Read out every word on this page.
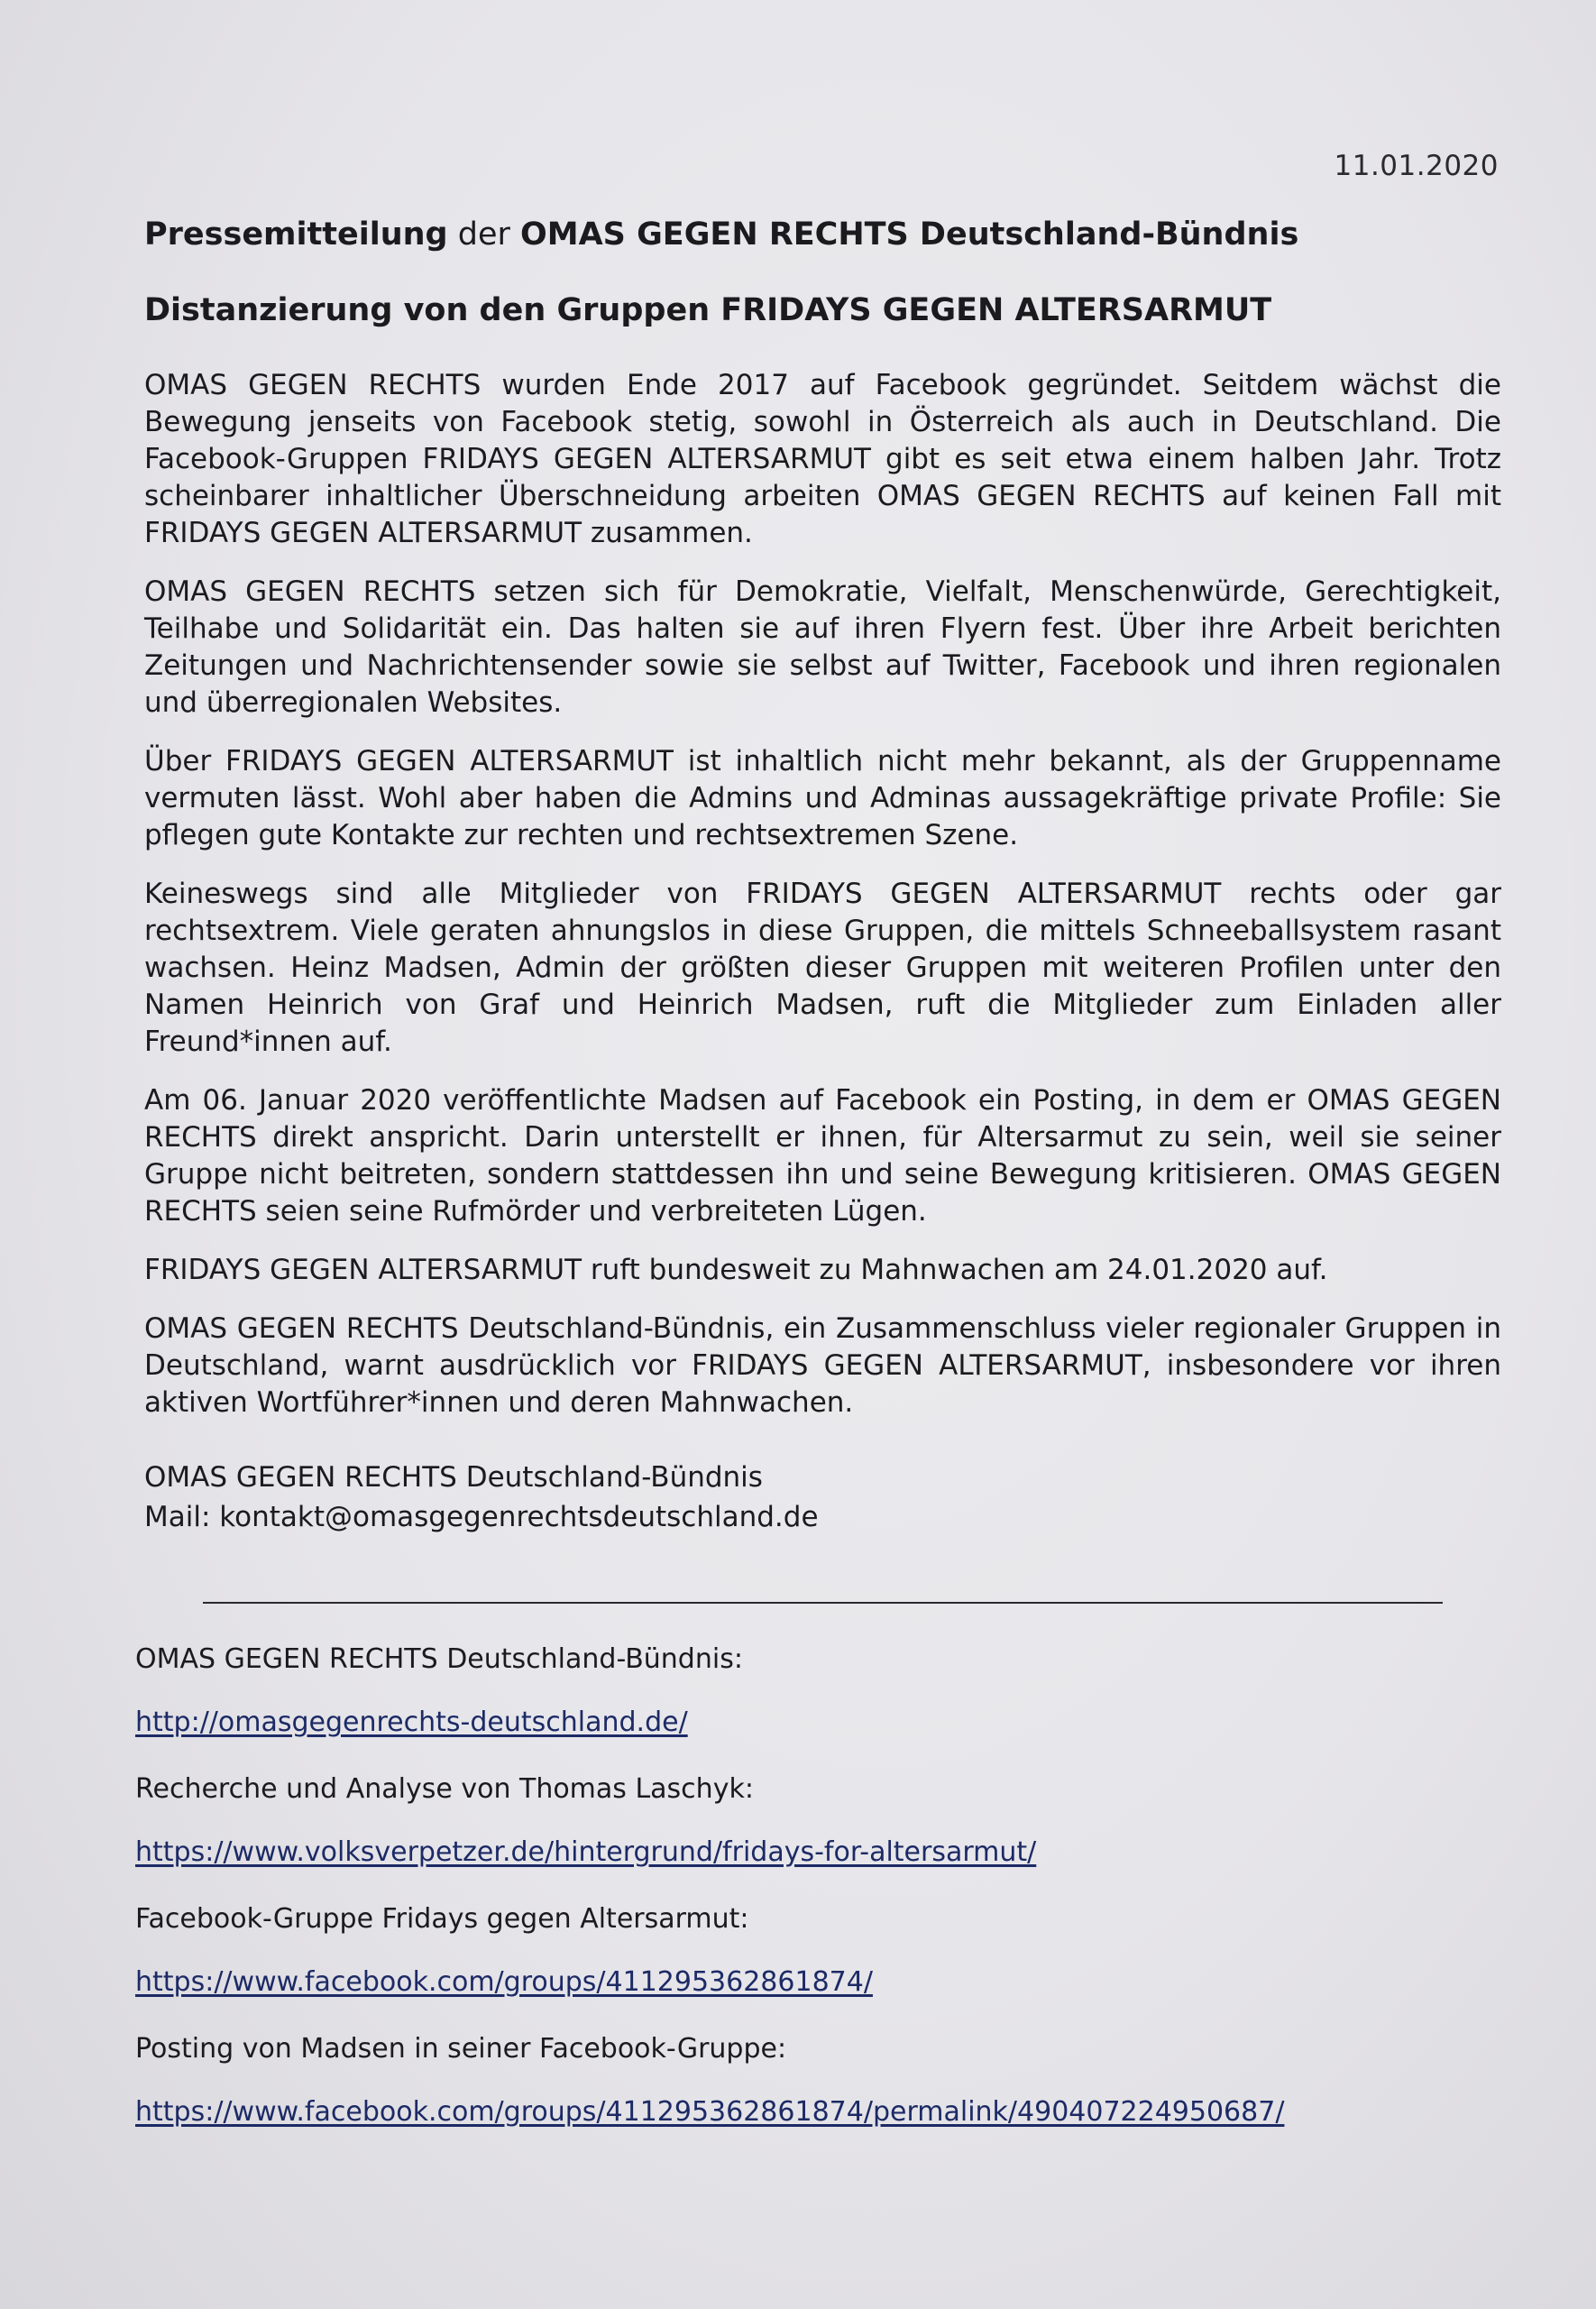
11.01.2020

Pressemitteilung der OMAS GEGEN RECHTS Deutschland-Bündnis

Distanzierung von den Gruppen FRIDAYS GEGEN ALTERSARMUT

OMAS GEGEN RECHTS wurden Ende 2017 auf Facebook gegründet. Seitdem wächst die Bewegung jenseits von Facebook stetig, sowohl in Österreich als auch in Deutschland. Die Facebook-Gruppen FRIDAYS GEGEN ALTERSARMUT gibt es seit etwa einem halben Jahr. Trotz scheinbarer inhaltlicher Überschneidung arbeiten OMAS GEGEN RECHTS auf keinen Fall mit FRIDAYS GEGEN ALTERSARMUT zusammen.

OMAS GEGEN RECHTS setzen sich für Demokratie, Vielfalt, Menschenwürde, Gerechtigkeit, Teilhabe und Solidarität ein. Das halten sie auf ihren Flyern fest. Über ihre Arbeit berichten Zeitungen und Nachrichtensender sowie sie selbst auf Twitter, Facebook und ihren regionalen und überregionalen Websites.

Über FRIDAYS GEGEN ALTERSARMUT ist inhaltlich nicht mehr bekannt, als der Gruppenname vermuten lässt. Wohl aber haben die Admins und Adminas aussagekräftige private Profile: Sie pflegen gute Kontakte zur rechten und rechtsextremen Szene.

Keineswegs sind alle Mitglieder von FRIDAYS GEGEN ALTERSARMUT rechts oder gar rechtsextrem. Viele geraten ahnungslos in diese Gruppen, die mittels Schneeballsystem rasant wachsen. Heinz Madsen, Admin der größten dieser Gruppen mit weiteren Profilen unter den Namen Heinrich von Graf und Heinrich Madsen, ruft die Mitglieder zum Einladen aller Freund*innen auf.

Am 06. Januar 2020 veröffentlichte Madsen auf Facebook ein Posting, in dem er OMAS GEGEN RECHTS direkt anspricht. Darin unterstellt er ihnen, für Altersarmut zu sein, weil sie seiner Gruppe nicht beitreten, sondern stattdessen ihn und seine Bewegung kritisieren. OMAS GEGEN RECHTS seien seine Rufmörder und verbreiteten Lügen.

FRIDAYS GEGEN ALTERSARMUT ruft bundesweit zu Mahnwachen am 24.01.2020 auf.

OMAS GEGEN RECHTS Deutschland-Bündnis, ein Zusammenschluss vieler regionaler Gruppen in Deutschland, warnt ausdrücklich vor FRIDAYS GEGEN ALTERSARMUT, insbesondere vor ihren aktiven Wortführer*innen und deren Mahnwachen.

OMAS GEGEN RECHTS Deutschland-Bündnis
Mail: kontakt@omasgegenrechtsdeutschland.de
OMAS GEGEN RECHTS Deutschland-Bündnis:
http://omasgegenrechts-deutschland.de/
Recherche und Analyse von Thomas Laschyk:
https://www.volksverpetzer.de/hintergrund/fridays-for-altersarmut/
Facebook-Gruppe Fridays gegen Altersarmut:
https://www.facebook.com/groups/411295362861874/
Posting von Madsen in seiner Facebook-Gruppe:
https://www.facebook.com/groups/411295362861874/permalink/490407224950687/
